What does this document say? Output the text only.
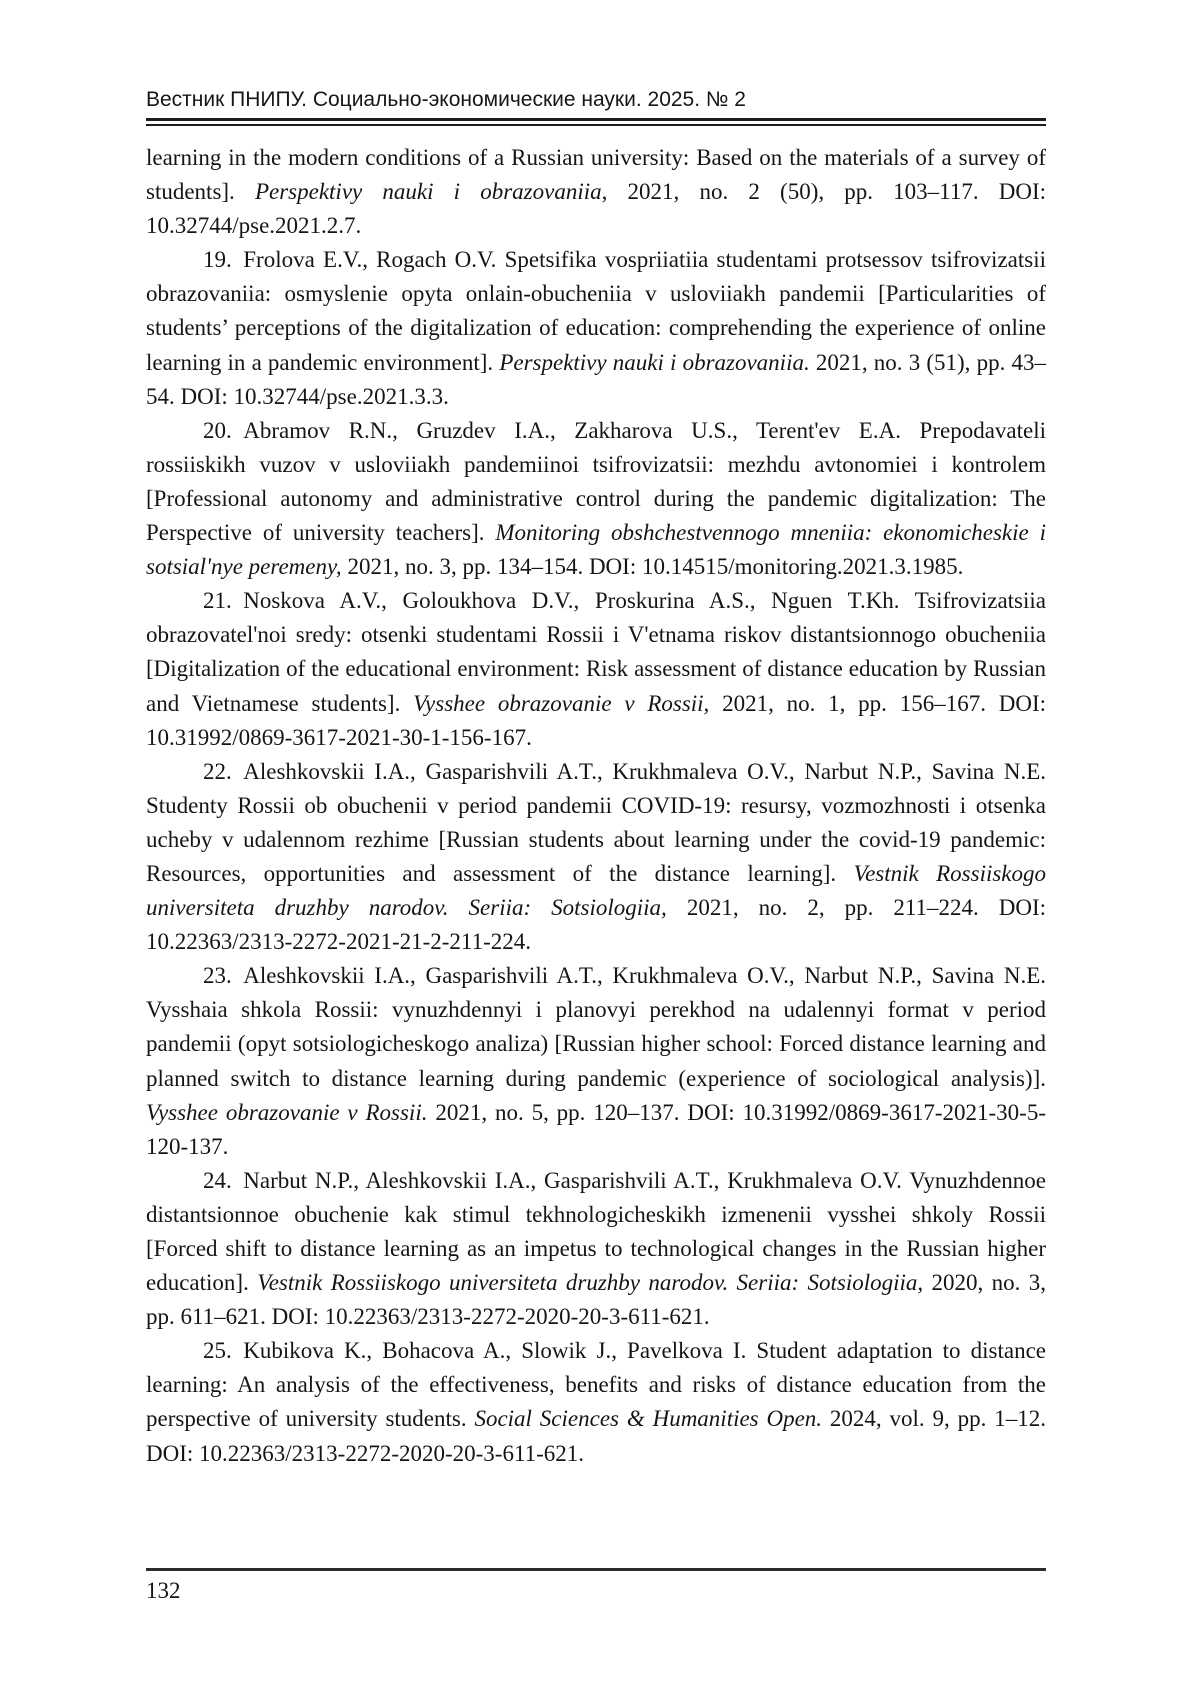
Вестник ПНИПУ. Социально-экономические науки. 2025. № 2

learning in the modern conditions of a Russian university: Based on the materials of a survey of students]. Perspektivy nauki i obrazovaniia, 2021, no. 2 (50), pp. 103–117. DOI: 10.32744/pse.2021.2.7.

19. Frolova E.V., Rogach O.V. Spetsifika vospriiatiia studentami protsessov tsifrovizatsii obrazovaniia: osmyslenie opyta onlain-obucheniia v usloviiakh pandemii [Particularities of students’ perceptions of the digitalization of education: comprehending the experience of online learning in a pandemic environment]. Perspektivy nauki i obrazovaniia. 2021, no. 3 (51), pp. 43–54. DOI: 10.32744/pse.2021.3.3.

20. Abramov R.N., Gruzdev I.A., Zakharova U.S., Terent'ev E.A. Prepodavateli rossiiskikh vuzov v usloviiakh pandemiinoi tsifrovizatsii: mezhdu avtonomiei i kontrolem [Professional autonomy and administrative control during the pandemic digitalization: The Perspective of university teachers]. Monitoring obshchestvennogo mneniia: ekonomicheskie i sotsial'nye peremeny, 2021, no. 3, pp. 134–154. DOI: 10.14515/monitoring.2021.3.1985.

21. Noskova A.V., Goloukhova D.V., Proskurina A.S., Nguen T.Kh. Tsifrovizatsiia obrazovatel'noi sredy: otsenki studentami Rossii i V'etnama riskov distantsionnogo obucheniia [Digitalization of the educational environment: Risk assessment of distance education by Russian and Vietnamese students]. Vysshee obrazovanie v Rossii, 2021, no. 1, pp. 156–167. DOI: 10.31992/0869-3617-2021-30-1-156-167.

22. Aleshkovskii I.A., Gasparishvili A.T., Krukhmaleva O.V., Narbut N.P., Savina N.E. Studenty Rossii ob obuchenii v period pandemii COVID-19: resursy, vozmozhnosti i otsenka ucheby v udalennom rezhime [Russian students about learning under the covid-19 pandemic: Resources, opportunities and assessment of the distance learning]. Vestnik Rossiiskogo universiteta druzhby narodov. Seriia: Sotsiologiia, 2021, no. 2, pp. 211–224. DOI: 10.22363/2313-2272-2021-21-2-211-224.

23. Aleshkovskii I.A., Gasparishvili A.T., Krukhmaleva O.V., Narbut N.P., Savina N.E. Vysshaia shkola Rossii: vynuzhdennyi i planovyi perekhod na udalennyi format v period pandemii (opyt sotsiologicheskogo analiza) [Russian higher school: Forced distance learning and planned switch to distance learning during pandemic (experience of sociological analysis)]. Vysshee obrazovanie v Rossii. 2021, no. 5, pp. 120–137. DOI: 10.31992/0869-3617-2021-30-5-120-137.

24. Narbut N.P., Aleshkovskii I.A., Gasparishvili A.T., Krukhmaleva O.V. Vynuzhdennoe distantsionnoe obuchenie kak stimul tekhnologicheskikh izmenenii vysshei shkoly Rossii [Forced shift to distance learning as an impetus to technological changes in the Russian higher education]. Vestnik Rossiiskogo universiteta druzhby narodov. Seriia: Sotsiologiia, 2020, no. 3, pp. 611–621. DOI: 10.22363/2313-2272-2020-20-3-611-621.

25. Kubikova K., Bohacova A., Slowik J., Pavelkova I. Student adaptation to distance learning: An analysis of the effectiveness, benefits and risks of distance education from the perspective of university students. Social Sciences & Humanities Open. 2024, vol. 9, pp. 1–12. DOI: 10.22363/2313-2272-2020-20-3-611-621.

132
